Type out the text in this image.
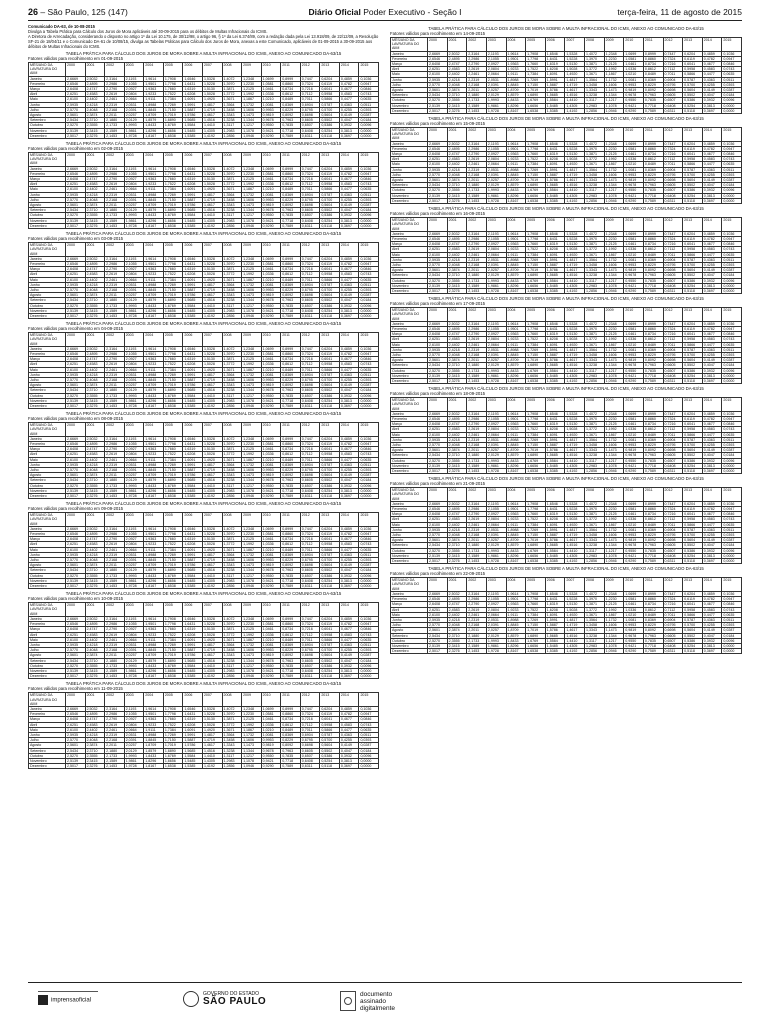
26 – São Paulo, 125 (147)	Diário Oficial Poder Executivo - Seção I	terça-feira, 11 de agosto de 2015
Comunicado DA-63, de 10-08-2015
Divulga a Tabela Prática para Cálculo dos Juros de Mora aplicáveis até 30-09-2015 para os débitos de Multas Infracionais do ICMS.
A Diretora de Arrecadação, considerando o disposto no artigo 1º da Lei 10.175, de 30/12/98, o artigo 96, § 1º da Lei 6.374/89, com a redação dada pela Lei 13.918/09, de 22/12/09, a Resolução SF-21 de 18/04/11 e o Comunicado DA-61 de 10/08/15, divulga as Tabelas Práticas para Cálculo dos Juros de Mora, anexas a este Comunicado, aplicáveis de 01-09-2015 a 30-09-2015 aos débitos de Multas Infracionais do ICMS.
TABELA PRÁTICA PARA CÁLCULO DOS JUROS DE MORA SOBRE A MULTA INFRACIONAL DO ICMS, ANEXO AO COMUNICADO DA-63/15
Fatores válidos para recolhimento em 01-09-2015
MÊS/ANO DA LAVRATURA DO AIIM	2000	2001	2002	2003	2004	2005	2006	2007	2008	2009	2010	2011	2012	2013	2014	2015
Janeiro	2,6669	2,5032	2,3164	2,1193	1,9614	1,7908	1,6546	1,5328	1,4072	1,2348	1,0699	0,8999	0,7447	0,6204	0,4859	0,1036
Fevereiro	2,6546	2,4895	2,2986	2,1055	1,9501	1,7798	1,6431	1,5228	1,3970	1,2230	1,0581	0,8860	0,7324	0,6119	0,4782	0,0947
Março	2,6408	2,4747	2,2790	2,0927	1,9363	1,7660	1,6319	1,5130	1,3871	1,2125	1,0461	0,8734	0,7216	0,6041	0,4677	0,0846
Abril	2,6251	2,4583	2,2619	2,0804	1,9233	1,7522	1,6208	1,5028	1,3772	1,1992	1,0336	0,8612	0,7112	0,5958	0,4583	0,0743
Maio	2,6100	2,4402	2,2461	2,0664	1,9111	1,7384	1,6091	1,4920	1,3671	1,1867	1,0210	0,8489	0,7011	0,5866	0,4477	0,0635
Junho	2,5935	2,4218	2,2319	2,0531	1,8988	1,7269	1,5991	1,4817	1,3564	1,1732	1,0081	0,8369	0,6904	0,5787	0,4363	0,0511
Julho	2,5770	2,4048	2,2168	2,0391	1,8845	1,7150	1,5887	1,4719	1,3458	1,1606	0,9953	0,8229	0,6795	0,5700	0,4255	0,0393
Agosto	2,5601	2,3874	2,2011	2,0257	1,8709	1,7019	1,5786	1,4617	1,3343	1,1473	0,9819	0,8092	0,6698	0,5604	0,4149	0,0287
Setembro	2,5434	2,3710	2,1880	2,0129	1,8579	1,6890	1,5685	1,4516	1,3238	1,1344	0,9678	0,7963	0,6605	0,5502	0,4047	0,0184
Outubro	2,5270	2,3555	2,1733	1,9993	1,8433	1,6769	1,5584	1,4410	1,3117	1,1217	0,9550	0,7835	0,6507	0,5386	0,3932	0,0096
Novembro	2,5139	2,3415	2,1589	1,9861	1,8296	1,6656	1,5485	1,4305	1,2983	1,1078	0,9421	0,7718	0,6408	0,5254	0,3813	0,0000
Dezembro	2,5017	2,3276	2,1453	1,9728	1,8167	1,6538	1,5385	1,4192	1,2856	1,0946	0,9290	0,7589	0,6311	0,5118	0,3697	0,0000
TABELA PRÁTICA PARA CÁLCULO DOS JUROS DE MORA SOBRE A MULTA INFRACIONAL DO ICMS, ANEXO AO COMUNICADO DA-63/15
Fatores válidos para recolhimento em 02-09-2015
MÊS/ANO DA LAVRATURA DO AIIM	2000	2001	2002	2003	2004	2005	2006	2007	2008	2009	2010	2011	2012	2013	2014	2015
Janeiro	2,6669	2,5032	2,3164	2,1193	1,9614	1,7908	1,6546	1,5328	1,4072	1,2348	1,0699	0,8999	0,7447	0,6204	0,4859	0,1036
Fevereiro	2,6546	2,4895	2,2986	2,1055	1,9501	1,7798	1,6431	1,5228	1,3970	1,2230	1,0581	0,8860	0,7324	0,6119	0,4782	0,0947
Março	2,6408	2,4747	2,2790	2,0927	1,9363	1,7660	1,6319	1,5130	1,3871	1,2125	1,0461	0,8734	0,7216	0,6041	0,4677	0,0846
Abril	2,6251	2,4583	2,2619	2,0804	1,9233	1,7522	1,6208	1,5028	1,3772	1,1992	1,0336	0,8612	0,7112	0,5958	0,4583	0,0743
Maio	2,6100	2,4402	2,2461	2,0664	1,9111	1,7384	1,6091	1,4920	1,3671	1,1867	1,0210	0,8489	0,7011	0,5866	0,4477	0,0635
Junho	2,5935	2,4218	2,2319	2,0531	1,8988	1,7269	1,5991	1,4817	1,3564	1,1732	1,0081	0,8369	0,6904	0,5787	0,4363	0,0511
Julho	2,5770	2,4048	2,2168	2,0391	1,8845	1,7150	1,5887	1,4719	1,3458	1,1606	0,9953	0,8229	0,6795	0,5700	0,4255	0,0393
Agosto	2,5601	2,3874	2,2011	2,0257	1,8709	1,7019	1,5786	1,4617	1,3343	1,1473	0,9819	0,8092	0,6698	0,5604	0,4149	0,0287
Setembro	2,5434	2,3710	2,1880	2,0129	1,8579	1,6890	1,5685	1,4516	1,3238	1,1344	0,9678	0,7963	0,6605	0,5502	0,4047	0,0184
Outubro	2,5270	2,3555	2,1733	1,9993	1,8433	1,6769	1,5584	1,4410	1,3117	1,1217	0,9550	0,7835	0,6507	0,5386	0,3932	0,0096
Novembro	2,5139	2,3415	2,1589	1,9861	1,8296	1,6656	1,5485	1,4305	1,2983	1,1078	0,9421	0,7718	0,6408	0,5254	0,3813	0,0000
Dezembro	2,5017	2,3276	2,1453	1,9728	1,8167	1,6538	1,5385	1,4192	1,2856	1,0946	0,9290	0,7589	0,6311	0,5118	0,3697	0,0000
TABELA PRÁTICA PARA CÁLCULO DOS JUROS DE MORA SOBRE A MULTA INFRACIONAL DO ICMS, ANEXO AO COMUNICADO DA-63/15
Fatores válidos para recolhimento em 03-09-2015
MÊS/ANO DA LAVRATURA DO AIIM	2000	2001	2002	2003	2004	2005	2006	2007	2008	2009	2010	2011	2012	2013	2014	2015
Janeiro	2,6669	2,5032	2,3164	2,1193	1,9614	1,7908	1,6546	1,5328	1,4072	1,2348	1,0699	0,8999	0,7447	0,6204	0,4859	0,1036
Fevereiro	2,6546	2,4895	2,2986	2,1055	1,9501	1,7798	1,6431	1,5228	1,3970	1,2230	1,0581	0,8860	0,7324	0,6119	0,4782	0,0947
Março	2,6408	2,4747	2,2790	2,0927	1,9363	1,7660	1,6319	1,5130	1,3871	1,2125	1,0461	0,8734	0,7216	0,6041	0,4677	0,0846
Abril	2,6251	2,4583	2,2619	2,0804	1,9233	1,7522	1,6208	1,5028	1,3772	1,1992	1,0336	0,8612	0,7112	0,5958	0,4583	0,0743
Maio	2,6100	2,4402	2,2461	2,0664	1,9111	1,7384	1,6091	1,4920	1,3671	1,1867	1,0210	0,8489	0,7011	0,5866	0,4477	0,0635
Junho	2,5935	2,4218	2,2319	2,0531	1,8988	1,7269	1,5991	1,4817	1,3564	1,1732	1,0081	0,8369	0,6904	0,5787	0,4363	0,0511
Julho	2,5770	2,4048	2,2168	2,0391	1,8845	1,7150	1,5887	1,4719	1,3458	1,1606	0,9953	0,8229	0,6795	0,5700	0,4255	0,0393
Agosto	2,5601	2,3874	2,2011	2,0257	1,8709	1,7019	1,5786	1,4617	1,3343	1,1473	0,9819	0,8092	0,6698	0,5604	0,4149	0,0287
Setembro	2,5434	2,3710	2,1880	2,0129	1,8579	1,6890	1,5685	1,4516	1,3238	1,1344	0,9678	0,7963	0,6605	0,5502	0,4047	0,0184
Outubro	2,5270	2,3555	2,1733	1,9993	1,8433	1,6769	1,5584	1,4410	1,3117	1,1217	0,9550	0,7835	0,6507	0,5386	0,3932	0,0096
Novembro	2,5139	2,3415	2,1589	1,9861	1,8296	1,6656	1,5485	1,4305	1,2983	1,1078	0,9421	0,7718	0,6408	0,5254	0,3813	0,0000
Dezembro	2,5017	2,3276	2,1453	1,9728	1,8167	1,6538	1,5385	1,4192	1,2856	1,0946	0,9290	0,7589	0,6311	0,5118	0,3697	0,0000
TABELA PRÁTICA PARA CÁLCULO DOS JUROS DE MORA SOBRE A MULTA INFRACIONAL DO ICMS, ANEXO AO COMUNICADO DA-63/15
Fatores válidos para recolhimento em 04-09-2015
MÊS/ANO DA LAVRATURA DO AIIM	2000	2001	2002	2003	2004	2005	2006	2007	2008	2009	2010	2011	2012	2013	2014	2015
Janeiro	2,6669	2,5032	2,3164	2,1193	1,9614	1,7908	1,6546	1,5328	1,4072	1,2348	1,0699	0,8999	0,7447	0,6204	0,4859	0,1036
Fevereiro	2,6546	2,4895	2,2986	2,1055	1,9501	1,7798	1,6431	1,5228	1,3970	1,2230	1,0581	0,8860	0,7324	0,6119	0,4782	0,0947
Março	2,6408	2,4747	2,2790	2,0927	1,9363	1,7660	1,6319	1,5130	1,3871	1,2125	1,0461	0,8734	0,7216	0,6041	0,4677	0,0846
Abril	2,6251	2,4583	2,2619	2,0804	1,9233	1,7522	1,6208	1,5028	1,3772	1,1992	1,0336	0,8612	0,7112	0,5958	0,4583	0,0743
Maio	2,6100	2,4402	2,2461	2,0664	1,9111	1,7384	1,6091	1,4920	1,3671	1,1867	1,0210	0,8489	0,7011	0,5866	0,4477	0,0635
Junho	2,5935	2,4218	2,2319	2,0531	1,8988	1,7269	1,5991	1,4817	1,3564	1,1732	1,0081	0,8369	0,6904	0,5787	0,4363	0,0511
Julho	2,5770	2,4048	2,2168	2,0391	1,8845	1,7150	1,5887	1,4719	1,3458	1,1606	0,9953	0,8229	0,6795	0,5700	0,4255	0,0393
Agosto	2,5601	2,3874	2,2011	2,0257	1,8709	1,7019	1,5786	1,4617	1,3343	1,1473	0,9819	0,8092	0,6698	0,5604	0,4149	0,0287
Setembro	2,5434	2,3710	2,1880	2,0129	1,8579	1,6890	1,5685	1,4516	1,3238	1,1344	0,9678	0,7963	0,6605	0,5502	0,4047	0,0184
Outubro	2,5270	2,3555	2,1733	1,9993	1,8433	1,6769	1,5584	1,4410	1,3117	1,1217	0,9550	0,7835	0,6507	0,5386	0,3932	0,0096
Novembro	2,5139	2,3415	2,1589	1,9861	1,8296	1,6656	1,5485	1,4305	1,2983	1,1078	0,9421	0,7718	0,6408	0,5254	0,3813	0,0000
Dezembro	2,5017	2,3276	2,1453	1,9728	1,8167	1,6538	1,5385	1,4192	1,2856	1,0946	0,9290	0,7589	0,6311	0,5118	0,3697	0,0000
TABELA PRÁTICA PARA CÁLCULO DOS JUROS DE MORA SOBRE A MULTA INFRACIONAL DO ICMS, ANEXO AO COMUNICADO DA-63/15
Fatores válidos para recolhimento em 08-09-2015
MÊS/ANO DA LAVRATURA DO AIIM	2000	2001	2002	2003	2004	2005	2006	2007	2008	2009	2010	2011	2012	2013	2014	2015
Janeiro	2,6669	2,5032	2,3164	2,1193	1,9614	1,7908	1,6546	1,5328	1,4072	1,2348	1,0699	0,8999	0,7447	0,6204	0,4859	0,1036
Fevereiro	2,6546	2,4895	2,2986	2,1055	1,9501	1,7798	1,6431	1,5228	1,3970	1,2230	1,0581	0,8860	0,7324	0,6119	0,4782	0,0947
Março	2,6408	2,4747	2,2790	2,0927	1,9363	1,7660	1,6319	1,5130	1,3871	1,2125	1,0461	0,8734	0,7216	0,6041	0,4677	0,0846
Abril	2,6251	2,4583	2,2619	2,0804	1,9233	1,7522	1,6208	1,5028	1,3772	1,1992	1,0336	0,8612	0,7112	0,5958	0,4583	0,0743
Maio	2,6100	2,4402	2,2461	2,0664	1,9111	1,7384	1,6091	1,4920	1,3671	1,1867	1,0210	0,8489	0,7011	0,5866	0,4477	0,0635
Junho	2,5935	2,4218	2,2319	2,0531	1,8988	1,7269	1,5991	1,4817	1,3564	1,1732	1,0081	0,8369	0,6904	0,5787	0,4363	0,0511
Julho	2,5770	2,4048	2,2168	2,0391	1,8845	1,7150	1,5887	1,4719	1,3458	1,1606	0,9953	0,8229	0,6795	0,5700	0,4255	0,0393
Agosto	2,5601	2,3874	2,2011	2,0257	1,8709	1,7019	1,5786	1,4617	1,3343	1,1473	0,9819	0,8092	0,6698	0,5604	0,4149	0,0287
Setembro	2,5434	2,3710	2,1880	2,0129	1,8579	1,6890	1,5685	1,4516	1,3238	1,1344	0,9678	0,7963	0,6605	0,5502	0,4047	0,0184
Outubro	2,5270	2,3555	2,1733	1,9993	1,8433	1,6769	1,5584	1,4410	1,3117	1,1217	0,9550	0,7835	0,6507	0,5386	0,3932	0,0096
Novembro	2,5139	2,3415	2,1589	1,9861	1,8296	1,6656	1,5485	1,4305	1,2983	1,1078	0,9421	0,7718	0,6408	0,5254	0,3813	0,0000
Dezembro	2,5017	2,3276	2,1453	1,9728	1,8167	1,6538	1,5385	1,4192	1,2856	1,0946	0,9290	0,7589	0,6311	0,5118	0,3697	0,0000
TABELA PRÁTICA PARA CÁLCULO DOS JUROS DE MORA SOBRE A MULTA INFRACIONAL DO ICMS, ANEXO AO COMUNICADO DA-63/15
Fatores válidos para recolhimento em 09-09-2015
MÊS/ANO DA LAVRATURA DO AIIM	2000	2001	2002	2003	2004	2005	2006	2007	2008	2009	2010	2011	2012	2013	2014	2015
Janeiro	2,6669	2,5032	2,3164	2,1193	1,9614	1,7908	1,6546	1,5328	1,4072	1,2348	1,0699	0,8999	0,7447	0,6204	0,4859	0,1036
Fevereiro	2,6546	2,4895	2,2986	2,1055	1,9501	1,7798	1,6431	1,5228	1,3970	1,2230	1,0581	0,8860	0,7324	0,6119	0,4782	0,0947
Março	2,6408	2,4747	2,2790	2,0927	1,9363	1,7660	1,6319	1,5130	1,3871	1,2125	1,0461	0,8734	0,7216	0,6041	0,4677	0,0846
Abril	2,6251	2,4583	2,2619	2,0804	1,9233	1,7522	1,6208	1,5028	1,3772	1,1992	1,0336	0,8612	0,7112	0,5958	0,4583	0,0743
Maio	2,6100	2,4402	2,2461	2,0664	1,9111	1,7384	1,6091	1,4920	1,3671	1,1867	1,0210	0,8489	0,7011	0,5866	0,4477	0,0635
Junho	2,5935	2,4218	2,2319	2,0531	1,8988	1,7269	1,5991	1,4817	1,3564	1,1732	1,0081	0,8369	0,6904	0,5787	0,4363	0,0511
Julho	2,5770	2,4048	2,2168	2,0391	1,8845	1,7150	1,5887	1,4719	1,3458	1,1606	0,9953	0,8229	0,6795	0,5700	0,4255	0,0393
Agosto	2,5601	2,3874	2,2011	2,0257	1,8709	1,7019	1,5786	1,4617	1,3343	1,1473	0,9819	0,8092	0,6698	0,5604	0,4149	0,0287
Setembro	2,5434	2,3710	2,1880	2,0129	1,8579	1,6890	1,5685	1,4516	1,3238	1,1344	0,9678	0,7963	0,6605	0,5502	0,4047	0,0184
Outubro	2,5270	2,3555	2,1733	1,9993	1,8433	1,6769	1,5584	1,4410	1,3117	1,1217	0,9550	0,7835	0,6507	0,5386	0,3932	0,0096
Novembro	2,5139	2,3415	2,1589	1,9861	1,8296	1,6656	1,5485	1,4305	1,2983	1,1078	0,9421	0,7718	0,6408	0,5254	0,3813	0,0000
Dezembro	2,5017	2,3276	2,1453	1,9728	1,8167	1,6538	1,5385	1,4192	1,2856	1,0946	0,9290	0,7589	0,6311	0,5118	0,3697	0,0000
TABELA PRÁTICA PARA CÁLCULO DOS JUROS DE MORA SOBRE A MULTA INFRACIONAL DO ICMS, ANEXO AO COMUNICADO DA-63/15
Fatores válidos para recolhimento em 10-09-2015
MÊS/ANO DA LAVRATURA DO AIIM	2000	2001	2002	2003	2004	2005	2006	2007	2008	2009	2010	2011	2012	2013	2014	2015
Janeiro	2,6669	2,5032	2,3164	2,1193	1,9614	1,7908	1,6546	1,5328	1,4072	1,2348	1,0699	0,8999	0,7447	0,6204	0,4859	0,1036
Fevereiro	2,6546	2,4895	2,2986	2,1055	1,9501	1,7798	1,6431	1,5228	1,3970	1,2230	1,0581	0,8860	0,7324	0,6119	0,4782	0,0947
Março	2,6408	2,4747	2,2790	2,0927	1,9363	1,7660	1,6319	1,5130	1,3871	1,2125	1,0461	0,8734	0,7216	0,6041	0,4677	0,0846
Abril	2,6251	2,4583	2,2619	2,0804	1,9233	1,7522	1,6208	1,5028	1,3772	1,1992	1,0336	0,8612	0,7112	0,5958	0,4583	0,0743
Maio	2,6100	2,4402	2,2461	2,0664	1,9111	1,7384	1,6091	1,4920	1,3671	1,1867	1,0210	0,8489	0,7011	0,5866	0,4477	0,0635
Junho	2,5935	2,4218	2,2319	2,0531	1,8988	1,7269	1,5991	1,4817	1,3564	1,1732	1,0081	0,8369	0,6904	0,5787	0,4363	0,0511
Julho	2,5770	2,4048	2,2168	2,0391	1,8845	1,7150	1,5887	1,4719	1,3458	1,1606	0,9953	0,8229	0,6795	0,5700	0,4255	0,0393
Agosto	2,5601	2,3874	2,2011	2,0257	1,8709	1,7019	1,5786	1,4617	1,3343	1,1473	0,9819	0,8092	0,6698	0,5604	0,4149	0,0287
Setembro	2,5434	2,3710	2,1880	2,0129	1,8579	1,6890	1,5685	1,4516	1,3238	1,1344	0,9678	0,7963	0,6605	0,5502	0,4047	0,0184
Outubro	2,5270	2,3555	2,1733	1,9993	1,8433	1,6769	1,5584	1,4410	1,3117	1,1217	0,9550	0,7835	0,6507	0,5386	0,3932	0,0096
Novembro	2,5139	2,3415	2,1589	1,9861	1,8296	1,6656	1,5485	1,4305	1,2983	1,1078	0,9421	0,7718	0,6408	0,5254	0,3813	0,0000
Dezembro	2,5017	2,3276	2,1453	1,9728	1,8167	1,6538	1,5385	1,4192	1,2856	1,0946	0,9290	0,7589	0,6311	0,5118	0,3697	0,0000
TABELA PRÁTICA PARA CÁLCULO DOS JUROS DE MORA SOBRE A MULTA INFRACIONAL DO ICMS, ANEXO AO COMUNICADO DA-63/15
Fatores válidos para recolhimento em 11-09-2015
MÊS/ANO DA LAVRATURA DO AIIM	2000	2001	2002	2003	2004	2005	2006	2007	2008	2009	2010	2011	2012	2013	2014	2015
Janeiro	2,6669	2,5032	2,3164	2,1193	1,9614	1,7908	1,6546	1,5328	1,4072	1,2348	1,0699	0,8999	0,7447	0,6204	0,4859	0,1036
Fevereiro	2,6546	2,4895	2,2986	2,1055	1,9501	1,7798	1,6431	1,5228	1,3970	1,2230	1,0581	0,8860	0,7324	0,6119	0,4782	0,0947
Março	2,6408	2,4747	2,2790	2,0927	1,9363	1,7660	1,6319	1,5130	1,3871	1,2125	1,0461	0,8734	0,7216	0,6041	0,4677	0,0846
Abril	2,6251	2,4583	2,2619	2,0804	1,9233	1,7522	1,6208	1,5028	1,3772	1,1992	1,0336	0,8612	0,7112	0,5958	0,4583	0,0743
Maio	2,6100	2,4402	2,2461	2,0664	1,9111	1,7384	1,6091	1,4920	1,3671	1,1867	1,0210	0,8489	0,7011	0,5866	0,4477	0,0635
Junho	2,5935	2,4218	2,2319	2,0531	1,8988	1,7269	1,5991	1,4817	1,3564	1,1732	1,0081	0,8369	0,6904	0,5787	0,4363	0,0511
Julho	2,5770	2,4048	2,2168	2,0391	1,8845	1,7150	1,5887	1,4719	1,3458	1,1606	0,9953	0,8229	0,6795	0,5700	0,4255	0,0393
Agosto	2,5601	2,3874	2,2011	2,0257	1,8709	1,7019	1,5786	1,4617	1,3343	1,1473	0,9819	0,8092	0,6698	0,5604	0,4149	0,0287
Setembro	2,5434	2,3710	2,1880	2,0129	1,8579	1,6890	1,5685	1,4516	1,3238	1,1344	0,9678	0,7963	0,6605	0,5502	0,4047	0,0184
Outubro	2,5270	2,3555	2,1733	1,9993	1,8433	1,6769	1,5584	1,4410	1,3117	1,1217	0,9550	0,7835	0,6507	0,5386	0,3932	0,0096
Novembro	2,5139	2,3415	2,1589	1,9861	1,8296	1,6656	1,5485	1,4305	1,2983	1,1078	0,9421	0,7718	0,6408	0,5254	0,3813	0,0000
Dezembro	2,5017	2,3276	2,1453	1,9728	1,8167	1,6538	1,5385	1,4192	1,2856	1,0946	0,9290	0,7589	0,6311	0,5118	0,3697	0,0000
TABELA PRÁTICA PARA CÁLCULO DOS JUROS DE MORA SOBRE A MULTA INFRACIONAL DO ICMS, ANEXO AO COMUNICADO DA-63/15
Fatores válidos para recolhimento em 14-09-2015
MÊS/ANO DA LAVRATURA DO AIIM	2000	2001	2002	2003	2004	2005	2006	2007	2008	2009	2010	2011	2012	2013	2014	2015
Janeiro	2,6669	2,5032	2,3164	2,1193	1,9614	1,7908	1,6546	1,5328	1,4072	1,2348	1,0699	0,8999	0,7447	0,6204	0,4859	0,1036
Fevereiro	2,6546	2,4895	2,2986	2,1055	1,9501	1,7798	1,6431	1,5228	1,3970	1,2230	1,0581	0,8860	0,7324	0,6119	0,4782	0,0947
Março	2,6408	2,4747	2,2790	2,0927	1,9363	1,7660	1,6319	1,5130	1,3871	1,2125	1,0461	0,8734	0,7216	0,6041	0,4677	0,0846
Abril	2,6251	2,4583	2,2619	2,0804	1,9233	1,7522	1,6208	1,5028	1,3772	1,1992	1,0336	0,8612	0,7112	0,5958	0,4583	0,0743
Maio	2,6100	2,4402	2,2461	2,0664	1,9111	1,7384	1,6091	1,4920	1,3671	1,1867	1,0210	0,8489	0,7011	0,5866	0,4477	0,0635
Junho	2,5935	2,4218	2,2319	2,0531	1,8988	1,7269	1,5991	1,4817	1,3564	1,1732	1,0081	0,8369	0,6904	0,5787	0,4363	0,0511
Julho	2,5770	2,4048	2,2168	2,0391	1,8845	1,7150	1,5887	1,4719	1,3458	1,1606	0,9953	0,8229	0,6795	0,5700	0,4255	0,0393
Agosto	2,5601	2,3874	2,2011	2,0257	1,8709	1,7019	1,5786	1,4617	1,3343	1,1473	0,9819	0,8092	0,6698	0,5604	0,4149	0,0287
Setembro	2,5434	2,3710	2,1880	2,0129	1,8579	1,6890	1,5685	1,4516	1,3238	1,1344	0,9678	0,7963	0,6605	0,5502	0,4047	0,0184
Outubro	2,5270	2,3555	2,1733	1,9993	1,8433	1,6769	1,5584	1,4410	1,3117	1,1217	0,9550	0,7835	0,6507	0,5386	0,3932	0,0096
Novembro	2,5139	2,3415	2,1589	1,9861	1,8296	1,6656	1,5485	1,4305	1,2983	1,1078	0,9421	0,7718	0,6408	0,5254	0,3813	0,0000
Dezembro	2,5017	2,3276	2,1453	1,9728	1,8167	1,6538	1,5385	1,4192	1,2856	1,0946	0,9290	0,7589	0,6311	0,5118	0,3697	0,0000
TABELA PRÁTICA PARA CÁLCULO DOS JUROS DE MORA SOBRE A MULTA INFRACIONAL DO ICMS, ANEXO AO COMUNICADO DA-63/15
Fatores válidos para recolhimento em 15-09-2015
MÊS/ANO DA LAVRATURA DO AIIM	2000	2001	2002	2003	2004	2005	2006	2007	2008	2009	2010	2011	2012	2013	2014	2015
Janeiro	2,6669	2,5032	2,3164	2,1193	1,9614	1,7908	1,6546	1,5328	1,4072	1,2348	1,0699	0,8999	0,7447	0,6204	0,4859	0,1036
Fevereiro	2,6546	2,4895	2,2986	2,1055	1,9501	1,7798	1,6431	1,5228	1,3970	1,2230	1,0581	0,8860	0,7324	0,6119	0,4782	0,0947
Março	2,6408	2,4747	2,2790	2,0927	1,9363	1,7660	1,6319	1,5130	1,3871	1,2125	1,0461	0,8734	0,7216	0,6041	0,4677	0,0846
Abril	2,6251	2,4583	2,2619	2,0804	1,9233	1,7522	1,6208	1,5028	1,3772	1,1992	1,0336	0,8612	0,7112	0,5958	0,4583	0,0743
Maio	2,6100	2,4402	2,2461	2,0664	1,9111	1,7384	1,6091	1,4920	1,3671	1,1867	1,0210	0,8489	0,7011	0,5866	0,4477	0,0635
Junho	2,5935	2,4218	2,2319	2,0531	1,8988	1,7269	1,5991	1,4817	1,3564	1,1732	1,0081	0,8369	0,6904	0,5787	0,4363	0,0511
Julho	2,5770	2,4048	2,2168	2,0391	1,8845	1,7150	1,5887	1,4719	1,3458	1,1606	0,9953	0,8229	0,6795	0,5700	0,4255	0,0393
Agosto	2,5601	2,3874	2,2011	2,0257	1,8709	1,7019	1,5786	1,4617	1,3343	1,1473	0,9819	0,8092	0,6698	0,5604	0,4149	0,0287
Setembro	2,5434	2,3710	2,1880	2,0129	1,8579	1,6890	1,5685	1,4516	1,3238	1,1344	0,9678	0,7963	0,6605	0,5502	0,4047	0,0184
Outubro	2,5270	2,3555	2,1733	1,9993	1,8433	1,6769	1,5584	1,4410	1,3117	1,1217	0,9550	0,7835	0,6507	0,5386	0,3932	0,0096
Novembro	2,5139	2,3415	2,1589	1,9861	1,8296	1,6656	1,5485	1,4305	1,2983	1,1078	0,9421	0,7718	0,6408	0,5254	0,3813	0,0000
Dezembro	2,5017	2,3276	2,1453	1,9728	1,8167	1,6538	1,5385	1,4192	1,2856	1,0946	0,9290	0,7589	0,6311	0,5118	0,3697	0,0000
TABELA PRÁTICA PARA CÁLCULO DOS JUROS DE MORA SOBRE A MULTA INFRACIONAL DO ICMS, ANEXO AO COMUNICADO DA-63/15
Fatores válidos para recolhimento em 16-09-2015
MÊS/ANO DA LAVRATURA DO AIIM	2000	2001	2002	2003	2004	2005	2006	2007	2008	2009	2010	2011	2012	2013	2014	2015
Janeiro	2,6669	2,5032	2,3164	2,1193	1,9614	1,7908	1,6546	1,5328	1,4072	1,2348	1,0699	0,8999	0,7447	0,6204	0,4859	0,1036
Fevereiro	2,6546	2,4895	2,2986	2,1055	1,9501	1,7798	1,6431	1,5228	1,3970	1,2230	1,0581	0,8860	0,7324	0,6119	0,4782	0,0947
Março	2,6408	2,4747	2,2790	2,0927	1,9363	1,7660	1,6319	1,5130	1,3871	1,2125	1,0461	0,8734	0,7216	0,6041	0,4677	0,0846
Abril	2,6251	2,4583	2,2619	2,0804	1,9233	1,7522	1,6208	1,5028	1,3772	1,1992	1,0336	0,8612	0,7112	0,5958	0,4583	0,0743
Maio	2,6100	2,4402	2,2461	2,0664	1,9111	1,7384	1,6091	1,4920	1,3671	1,1867	1,0210	0,8489	0,7011	0,5866	0,4477	0,0635
Junho	2,5935	2,4218	2,2319	2,0531	1,8988	1,7269	1,5991	1,4817	1,3564	1,1732	1,0081	0,8369	0,6904	0,5787	0,4363	0,0511
Julho	2,5770	2,4048	2,2168	2,0391	1,8845	1,7150	1,5887	1,4719	1,3458	1,1606	0,9953	0,8229	0,6795	0,5700	0,4255	0,0393
Agosto	2,5601	2,3874	2,2011	2,0257	1,8709	1,7019	1,5786	1,4617	1,3343	1,1473	0,9819	0,8092	0,6698	0,5604	0,4149	0,0287
Setembro	2,5434	2,3710	2,1880	2,0129	1,8579	1,6890	1,5685	1,4516	1,3238	1,1344	0,9678	0,7963	0,6605	0,5502	0,4047	0,0184
Outubro	2,5270	2,3555	2,1733	1,9993	1,8433	1,6769	1,5584	1,4410	1,3117	1,1217	0,9550	0,7835	0,6507	0,5386	0,3932	0,0096
Novembro	2,5139	2,3415	2,1589	1,9861	1,8296	1,6656	1,5485	1,4305	1,2983	1,1078	0,9421	0,7718	0,6408	0,5254	0,3813	0,0000
Dezembro	2,5017	2,3276	2,1453	1,9728	1,8167	1,6538	1,5385	1,4192	1,2856	1,0946	0,9290	0,7589	0,6311	0,5118	0,3697	0,0000
TABELA PRÁTICA PARA CÁLCULO DOS JUROS DE MORA SOBRE A MULTA INFRACIONAL DO ICMS, ANEXO AO COMUNICADO DA-63/15
Fatores válidos para recolhimento em 17-09-2015
MÊS/ANO DA LAVRATURA DO AIIM	2000	2001	2002	2003	2004	2005	2006	2007	2008	2009	2010	2011	2012	2013	2014	2015
Janeiro	2,6669	2,5032	2,3164	2,1193	1,9614	1,7908	1,6546	1,5328	1,4072	1,2348	1,0699	0,8999	0,7447	0,6204	0,4859	0,1036
Fevereiro	2,6546	2,4895	2,2986	2,1055	1,9501	1,7798	1,6431	1,5228	1,3970	1,2230	1,0581	0,8860	0,7324	0,6119	0,4782	0,0947
Março	2,6408	2,4747	2,2790	2,0927	1,9363	1,7660	1,6319	1,5130	1,3871	1,2125	1,0461	0,8734	0,7216	0,6041	0,4677	0,0846
Abril	2,6251	2,4583	2,2619	2,0804	1,9233	1,7522	1,6208	1,5028	1,3772	1,1992	1,0336	0,8612	0,7112	0,5958	0,4583	0,0743
Maio	2,6100	2,4402	2,2461	2,0664	1,9111	1,7384	1,6091	1,4920	1,3671	1,1867	1,0210	0,8489	0,7011	0,5866	0,4477	0,0635
Junho	2,5935	2,4218	2,2319	2,0531	1,8988	1,7269	1,5991	1,4817	1,3564	1,1732	1,0081	0,8369	0,6904	0,5787	0,4363	0,0511
Julho	2,5770	2,4048	2,2168	2,0391	1,8845	1,7150	1,5887	1,4719	1,3458	1,1606	0,9953	0,8229	0,6795	0,5700	0,4255	0,0393
Agosto	2,5601	2,3874	2,2011	2,0257	1,8709	1,7019	1,5786	1,4617	1,3343	1,1473	0,9819	0,8092	0,6698	0,5604	0,4149	0,0287
Setembro	2,5434	2,3710	2,1880	2,0129	1,8579	1,6890	1,5685	1,4516	1,3238	1,1344	0,9678	0,7963	0,6605	0,5502	0,4047	0,0184
Outubro	2,5270	2,3555	2,1733	1,9993	1,8433	1,6769	1,5584	1,4410	1,3117	1,1217	0,9550	0,7835	0,6507	0,5386	0,3932	0,0096
Novembro	2,5139	2,3415	2,1589	1,9861	1,8296	1,6656	1,5485	1,4305	1,2983	1,1078	0,9421	0,7718	0,6408	0,5254	0,3813	0,0000
Dezembro	2,5017	2,3276	2,1453	1,9728	1,8167	1,6538	1,5385	1,4192	1,2856	1,0946	0,9290	0,7589	0,6311	0,5118	0,3697	0,0000
TABELA PRÁTICA PARA CÁLCULO DOS JUROS DE MORA SOBRE A MULTA INFRACIONAL DO ICMS, ANEXO AO COMUNICADO DA-63/15
Fatores válidos para recolhimento em 18-09-2015
MÊS/ANO DA LAVRATURA DO AIIM	2000	2001	2002	2003	2004	2005	2006	2007	2008	2009	2010	2011	2012	2013	2014	2015
Janeiro	2,6669	2,5032	2,3164	2,1193	1,9614	1,7908	1,6546	1,5328	1,4072	1,2348	1,0699	0,8999	0,7447	0,6204	0,4859	0,1036
Fevereiro	2,6546	2,4895	2,2986	2,1055	1,9501	1,7798	1,6431	1,5228	1,3970	1,2230	1,0581	0,8860	0,7324	0,6119	0,4782	0,0947
Março	2,6408	2,4747	2,2790	2,0927	1,9363	1,7660	1,6319	1,5130	1,3871	1,2125	1,0461	0,8734	0,7216	0,6041	0,4677	0,0846
Abril	2,6251	2,4583	2,2619	2,0804	1,9233	1,7522	1,6208	1,5028	1,3772	1,1992	1,0336	0,8612	0,7112	0,5958	0,4583	0,0743
Maio	2,6100	2,4402	2,2461	2,0664	1,9111	1,7384	1,6091	1,4920	1,3671	1,1867	1,0210	0,8489	0,7011	0,5866	0,4477	0,0635
Junho	2,5935	2,4218	2,2319	2,0531	1,8988	1,7269	1,5991	1,4817	1,3564	1,1732	1,0081	0,8369	0,6904	0,5787	0,4363	0,0511
Julho	2,5770	2,4048	2,2168	2,0391	1,8845	1,7150	1,5887	1,4719	1,3458	1,1606	0,9953	0,8229	0,6795	0,5700	0,4255	0,0393
Agosto	2,5601	2,3874	2,2011	2,0257	1,8709	1,7019	1,5786	1,4617	1,3343	1,1473	0,9819	0,8092	0,6698	0,5604	0,4149	0,0287
Setembro	2,5434	2,3710	2,1880	2,0129	1,8579	1,6890	1,5685	1,4516	1,3238	1,1344	0,9678	0,7963	0,6605	0,5502	0,4047	0,0184
Outubro	2,5270	2,3555	2,1733	1,9993	1,8433	1,6769	1,5584	1,4410	1,3117	1,1217	0,9550	0,7835	0,6507	0,5386	0,3932	0,0096
Novembro	2,5139	2,3415	2,1589	1,9861	1,8296	1,6656	1,5485	1,4305	1,2983	1,1078	0,9421	0,7718	0,6408	0,5254	0,3813	0,0000
Dezembro	2,5017	2,3276	2,1453	1,9728	1,8167	1,6538	1,5385	1,4192	1,2856	1,0946	0,9290	0,7589	0,6311	0,5118	0,3697	0,0000
TABELA PRÁTICA PARA CÁLCULO DOS JUROS DE MORA SOBRE A MULTA INFRACIONAL DO ICMS, ANEXO AO COMUNICADO DA-63/15
Fatores válidos para recolhimento em 21-09-2015
MÊS/ANO DA LAVRATURA DO AIIM	2000	2001	2002	2003	2004	2005	2006	2007	2008	2009	2010	2011	2012	2013	2014	2015
Janeiro	2,6669	2,5032	2,3164	2,1193	1,9614	1,7908	1,6546	1,5328	1,4072	1,2348	1,0699	0,8999	0,7447	0,6204	0,4859	0,1036
Fevereiro	2,6546	2,4895	2,2986	2,1055	1,9501	1,7798	1,6431	1,5228	1,3970	1,2230	1,0581	0,8860	0,7324	0,6119	0,4782	0,0947
Março	2,6408	2,4747	2,2790	2,0927	1,9363	1,7660	1,6319	1,5130	1,3871	1,2125	1,0461	0,8734	0,7216	0,6041	0,4677	0,0846
Abril	2,6251	2,4583	2,2619	2,0804	1,9233	1,7522	1,6208	1,5028	1,3772	1,1992	1,0336	0,8612	0,7112	0,5958	0,4583	0,0743
Maio	2,6100	2,4402	2,2461	2,0664	1,9111	1,7384	1,6091	1,4920	1,3671	1,1867	1,0210	0,8489	0,7011	0,5866	0,4477	0,0635
Junho	2,5935	2,4218	2,2319	2,0531	1,8988	1,7269	1,5991	1,4817	1,3564	1,1732	1,0081	0,8369	0,6904	0,5787	0,4363	0,0511
Julho	2,5770	2,4048	2,2168	2,0391	1,8845	1,7150	1,5887	1,4719	1,3458	1,1606	0,9953	0,8229	0,6795	0,5700	0,4255	0,0393
Agosto	2,5601	2,3874	2,2011	2,0257	1,8709	1,7019	1,5786	1,4617	1,3343	1,1473	0,9819	0,8092	0,6698	0,5604	0,4149	0,0287
Setembro	2,5434	2,3710	2,1880	2,0129	1,8579	1,6890	1,5685	1,4516	1,3238	1,1344	0,9678	0,7963	0,6605	0,5502	0,4047	0,0184
Outubro	2,5270	2,3555	2,1733	1,9993	1,8433	1,6769	1,5584	1,4410	1,3117	1,1217	0,9550	0,7835	0,6507	0,5386	0,3932	0,0096
Novembro	2,5139	2,3415	2,1589	1,9861	1,8296	1,6656	1,5485	1,4305	1,2983	1,1078	0,9421	0,7718	0,6408	0,5254	0,3813	0,0000
Dezembro	2,5017	2,3276	2,1453	1,9728	1,8167	1,6538	1,5385	1,4192	1,2856	1,0946	0,9290	0,7589	0,6311	0,5118	0,3697	0,0000
TABELA PRÁTICA PARA CÁLCULO DOS JUROS DE MORA SOBRE A MULTA INFRACIONAL DO ICMS, ANEXO AO COMUNICADO DA-63/15
Fatores válidos para recolhimento em 22-09-2015
MÊS/ANO DA LAVRATURA DO AIIM	2000	2001	2002	2003	2004	2005	2006	2007	2008	2009	2010	2011	2012	2013	2014	2015
Janeiro	2,6669	2,5032	2,3164	2,1193	1,9614	1,7908	1,6546	1,5328	1,4072	1,2348	1,0699	0,8999	0,7447	0,6204	0,4859	0,1036
Fevereiro	2,6546	2,4895	2,2986	2,1055	1,9501	1,7798	1,6431	1,5228	1,3970	1,2230	1,0581	0,8860	0,7324	0,6119	0,4782	0,0947
Março	2,6408	2,4747	2,2790	2,0927	1,9363	1,7660	1,6319	1,5130	1,3871	1,2125	1,0461	0,8734	0,7216	0,6041	0,4677	0,0846
Abril	2,6251	2,4583	2,2619	2,0804	1,9233	1,7522	1,6208	1,5028	1,3772	1,1992	1,0336	0,8612	0,7112	0,5958	0,4583	0,0743
Maio	2,6100	2,4402	2,2461	2,0664	1,9111	1,7384	1,6091	1,4920	1,3671	1,1867	1,0210	0,8489	0,7011	0,5866	0,4477	0,0635
Junho	2,5935	2,4218	2,2319	2,0531	1,8988	1,7269	1,5991	1,4817	1,3564	1,1732	1,0081	0,8369	0,6904	0,5787	0,4363	0,0511
Julho	2,5770	2,4048	2,2168	2,0391	1,8845	1,7150	1,5887	1,4719	1,3458	1,1606	0,9953	0,8229	0,6795	0,5700	0,4255	0,0393
Agosto	2,5601	2,3874	2,2011	2,0257	1,8709	1,7019	1,5786	1,4617	1,3343	1,1473	0,9819	0,8092	0,6698	0,5604	0,4149	0,0287
Setembro	2,5434	2,3710	2,1880	2,0129	1,8579	1,6890	1,5685	1,4516	1,3238	1,1344	0,9678	0,7963	0,6605	0,5502	0,4047	0,0184
Outubro	2,5270	2,3555	2,1733	1,9993	1,8433	1,6769	1,5584	1,4410	1,3117	1,1217	0,9550	0,7835	0,6507	0,5386	0,3932	0,0096
Novembro	2,5139	2,3415	2,1589	1,9861	1,8296	1,6656	1,5485	1,4305	1,2983	1,1078	0,9421	0,7718	0,6408	0,5254	0,3813	0,0000
Dezembro	2,5017	2,3276	2,1453	1,9728	1,8167	1,6538	1,5385	1,4192	1,2856	1,0946	0,9290	0,7589	0,6311	0,5118	0,3697	0,0000
imprensaoficial
GOVERNO DO ESTADO
SÃO PAULO
documento
assinado
digitalmente
